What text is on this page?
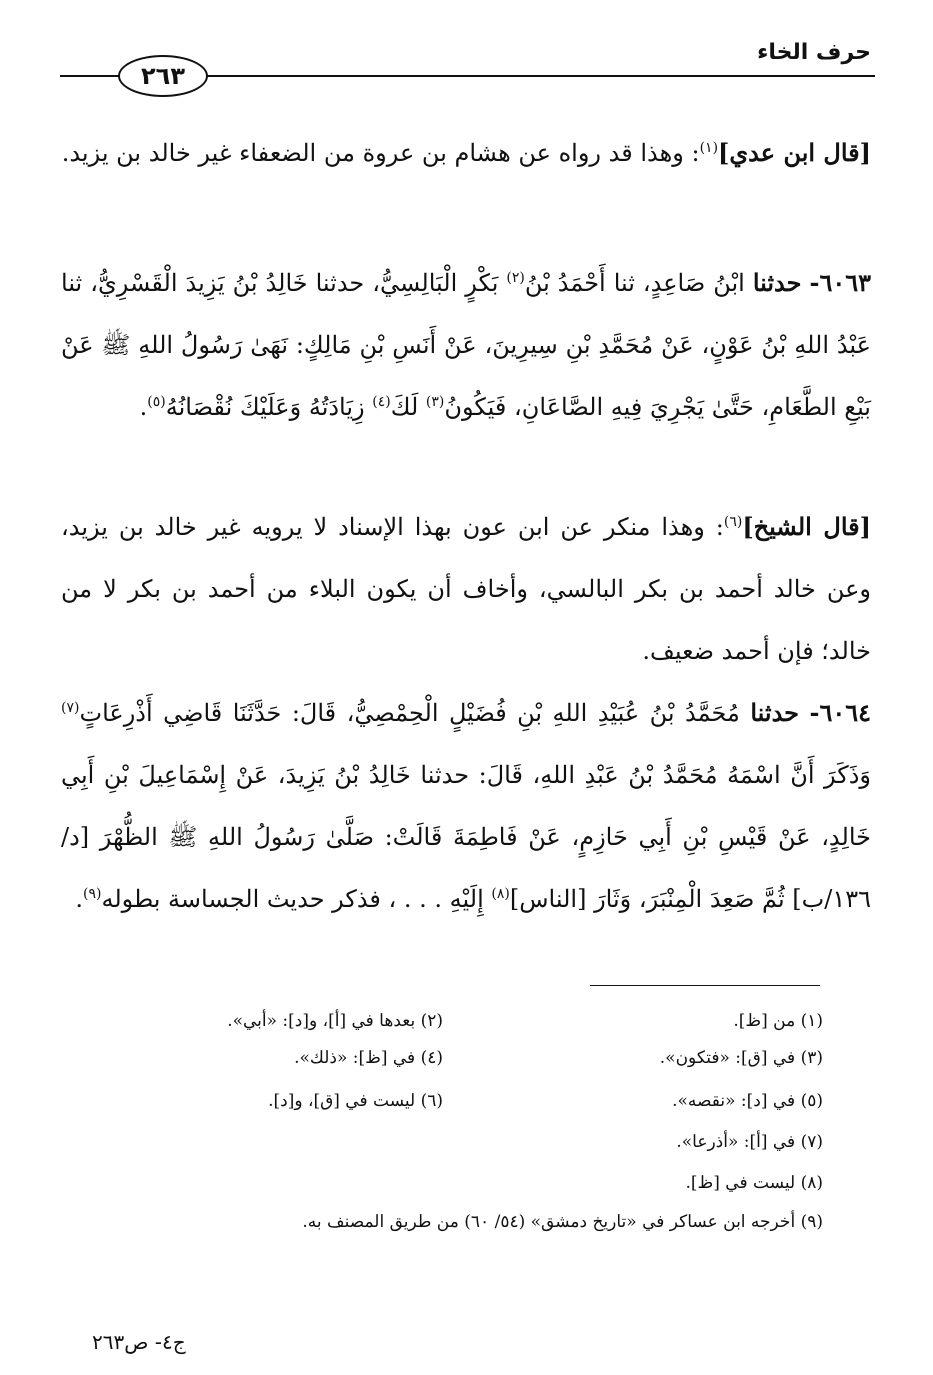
حرف الخاء
٢٦٣

[قال ابن عدي]$^{(١)}$: وهذا قد رواه عن هشام بن عروة من الضعفاء غير خالد بن يزيد.

٦٠٦٣- حدثنا ابْنُ صَاعِدٍ، ثنا أَحْمَدُ بْنُ$^{(٢)}$ بَكْرٍ الْبَالِسِيُّ، حدثنا خَالِدُ بْنُ يَزِيدَ الْقَسْرِيُّ، ثنا عَبْدُ اللهِ بْنُ عَوْنٍ، عَنْ مُحَمَّدِ بْنِ سِيرِينَ، عَنْ أَنَسِ بْنِ مَالِكٍ: نَهَىٰ رَسُولُ اللهِ ﷺ عَنْ بَيْعِ الطَّعَامِ، حَتَّىٰ يَجْرِيَ فِيهِ الصَّاعَانِ، فَيَكُونُ$^{(٣)}$ لَكَ$^{(٤)}$ زِيَادَتُهُ وَعَلَيْكَ نُقْصَانُهُ$^{(٥)}$.

[قال الشيخ]$^{(٦)}$: وهذا منكر عن ابن عون بهذا الإسناد لا يرويه غير خالد بن يزيد، وعن خالد أحمد بن بكر البالسي، وأخاف أن يكون البلاء من أحمد بن بكر لا من خالد؛ فإن أحمد ضعيف.

٦٠٦٤- حدثنا مُحَمَّدُ بْنُ عُبَيْدِ اللهِ بْنِ فُضَيْلٍ الْحِمْصِيُّ، قَالَ: حَدَّثَنَا قَاضِي أَذْرِعَاتٍ$^{(٧)}$ وَذَكَرَ أَنَّ اسْمَهُ مُحَمَّدُ بْنُ عَبْدِ اللهِ، قَالَ: حدثنا خَالِدُ بْنُ يَزِيدَ، عَنْ إِسْمَاعِيلَ بْنِ أَبِي خَالِدٍ، عَنْ قَيْسِ بْنِ أَبِي حَازِمٍ، عَنْ فَاطِمَةَ قَالَتْ: صَلَّىٰ رَسُولُ اللهِ ﷺ الظُّهْرَ [د/١٣٦/ب] ثُمَّ صَعِدَ الْمِنْبَرَ، وَثَارَ [الناس]$^{(٨)}$ إِلَيْهِ . . . ، فذكر حديث الجساسة بطوله$^{(٩)}$.

(١) من [ظ].
(٢) بعدها في [أ]، و[د]: «أبي».
(٣) في [ق]: «فتكون».
(٤) في [ظ]: «ذلك».
(٥) في [د]: «نقصه».
(٦) ليست في [ق]، و[د].
(٧) في [أ]: «أذرعا».
(٨) ليست في [ظ].
(٩) أخرجه ابن عساكر في «تاريخ دمشق» (٥٤/ ٦٠) من طريق المصنف به.
ج٤- ص٢٦٣
